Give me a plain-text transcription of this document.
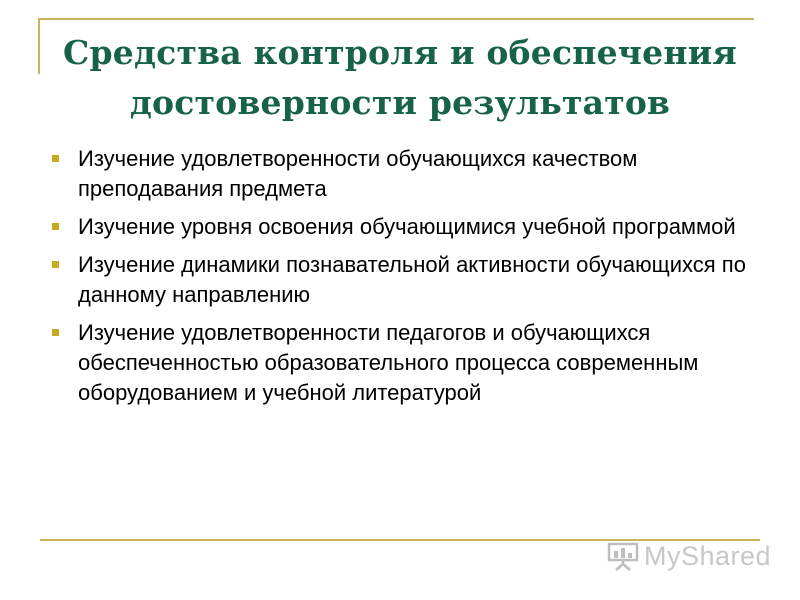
Средства контроля и обеспечения достоверности результатов
Изучение удовлетворенности обучающихся качеством преподавания предмета
Изучение уровня освоения обучающимися учебной программой
Изучение динамики познавательной активности обучающихся по данному направлению
Изучение удовлетворенности педагогов и обучающихся обеспеченностью образовательного процесса современным оборудованием и учебной литературой
MyShared
